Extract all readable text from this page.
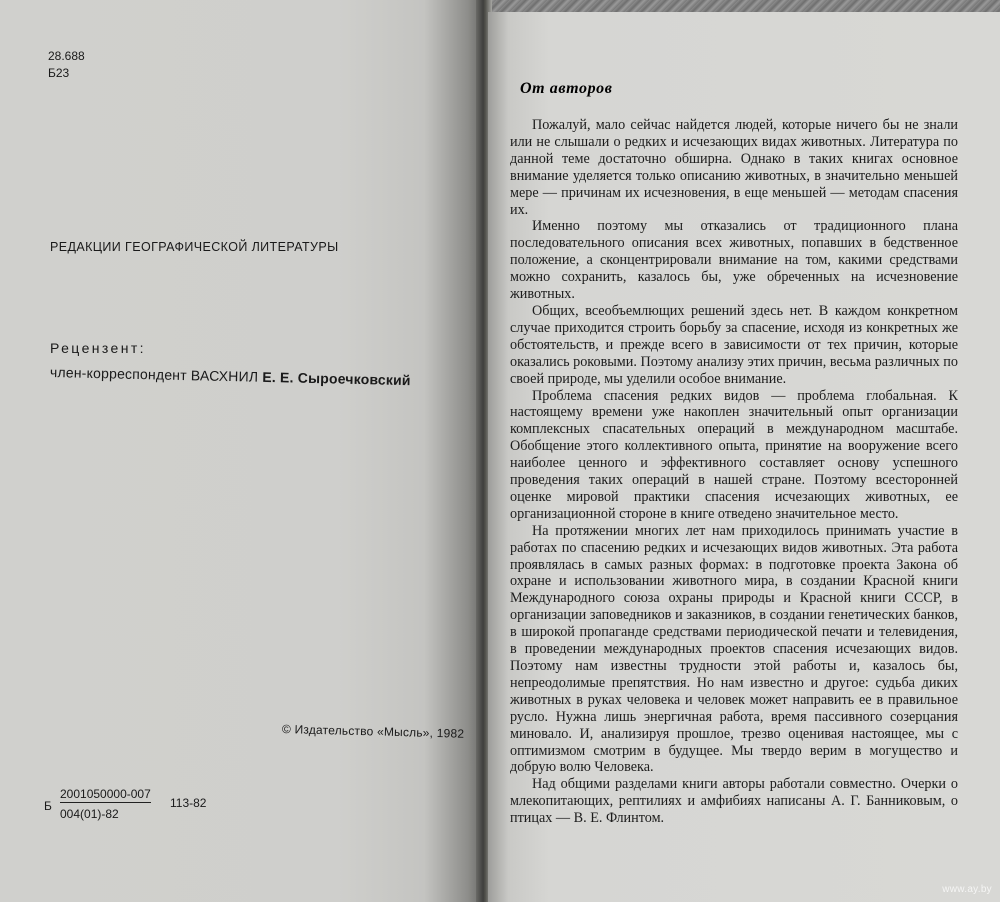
28.688
Б23
РЕДАКЦИИ ГЕОГРАФИЧЕСКОЙ ЛИТЕРАТУРЫ
Рецензент:
член-корреспондент ВАСХНИЛ Е. Е. Сыроечковский
© Издательство «Мысль», 1982
Б
2001050000-007
004(01)-82
113-82
От авторов

Пожалуй, мало сейчас найдется людей, которые ничего бы не знали или не слышали о редких и исчезающих видах животных. Литература по данной теме достаточно обширна. Однако в таких книгах основное внимание уделяется только описанию животных, в значительно меньшей мере — причинам их исчезновения, в еще меньшей — методам спасения их.

Именно поэтому мы отказались от традиционного плана последовательного описания всех животных, попавших в бедственное положение, а сконцентрировали внимание на том, какими средствами можно сохранить, казалось бы, уже обреченных на исчезновение животных.

Общих, всеобъемлющих решений здесь нет. В каждом конкретном случае приходится строить борьбу за спасение, исходя из конкретных же обстоятельств, и прежде всего в зависимости от тех причин, которые оказались роковыми. Поэтому анализу этих причин, весьма различных по своей природе, мы уделили особое внимание.

Проблема спасения редких видов — проблема глобальная. К настоящему времени уже накоплен значительный опыт организации комплексных спасательных операций в международном масштабе. Обобщение этого коллективного опыта, принятие на вооружение всего наиболее ценного и эффективного составляет основу успешного проведения таких операций в нашей стране. Поэтому всесторонней оценке мировой практики спасения исчезающих животных, ее организационной стороне в книге отведено значительное место.

На протяжении многих лет нам приходилось принимать участие в работах по спасению редких и исчезающих видов животных. Эта работа проявлялась в самых разных формах: в подготовке проекта Закона об охране и использовании животного мира, в создании Красной книги Международного союза охраны природы и Красной книги СССР, в организации заповедников и заказников, в создании генетических банков, в широкой пропаганде средствами периодической печати и телевидения, в проведении международных проектов спасения исчезающих видов. Поэтому нам известны трудности этой работы и, казалось бы, непреодолимые препятствия. Но нам известно и другое: судьба диких животных в руках человека и человек может направить ее в правильное русло. Нужна лишь энергичная работа, время пассивного созерцания миновало. И, анализируя прошлое, трезво оценивая настоящее, мы с оптимизмом смотрим в будущее. Мы твердо верим в могущество и добрую волю Человека.

Над общими разделами книги авторы работали совместно. Очерки о млекопитающих, рептилиях и амфибиях написаны А. Г. Банниковым, о птицах — В. Е. Флинтом.

www.ay.by
